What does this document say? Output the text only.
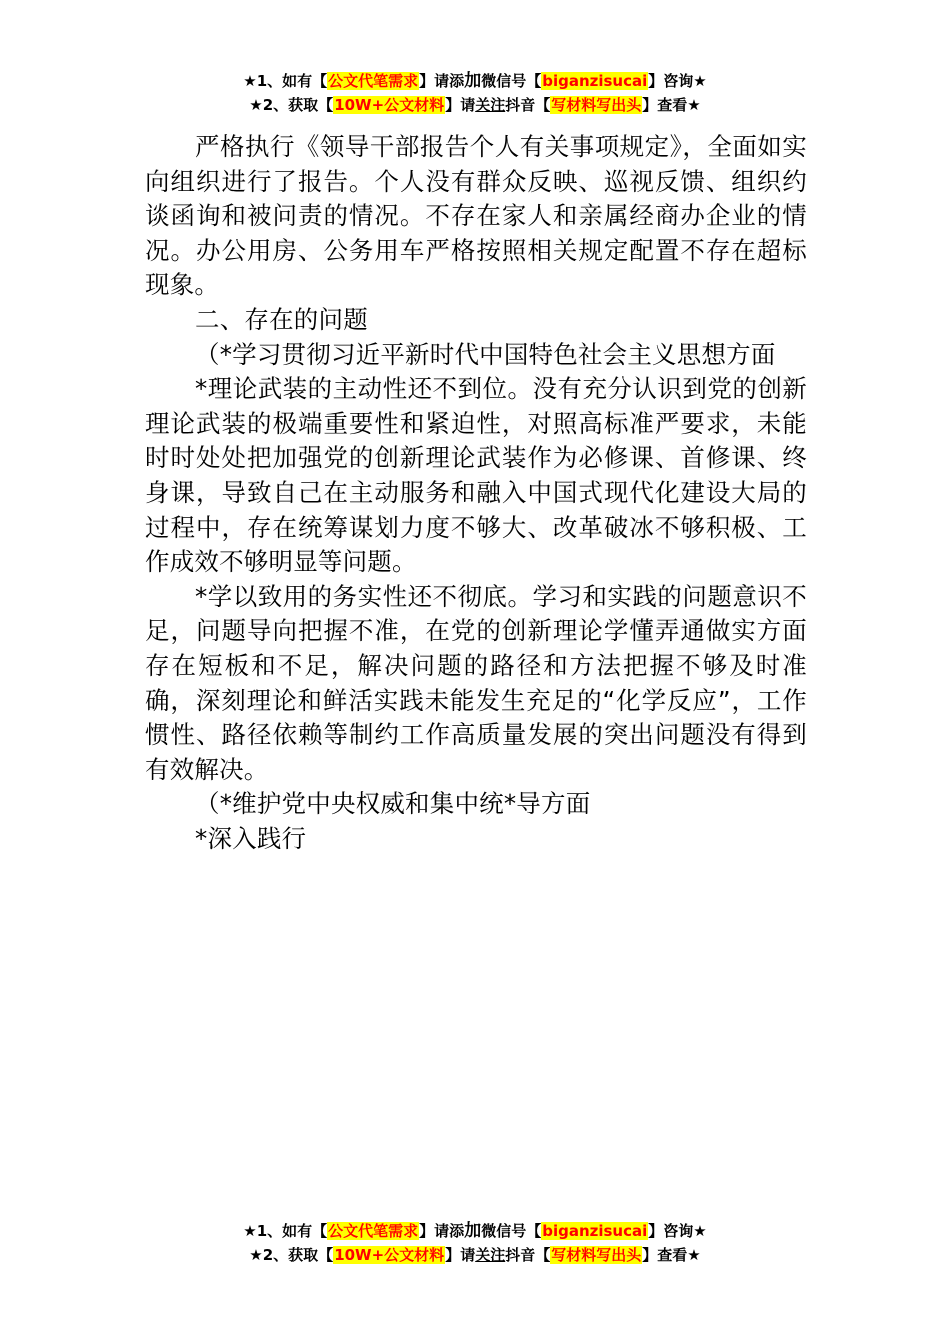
★1、如有【公文代笔需求】请添加微信号【biganzisucai】咨询★
★2、获取【10W+公文材料】请关注抖音【写材料写出头】查看★

严格执行《领导干部报告个人有关事项规定》，全面如实向组织进行了报告。个人没有群众反映、巡视反馈、组织约谈函询和被问责的情况。不存在家人和亲属经商办企业的情况。办公用房、公务用车严格按照相关规定配置不存在超标现象。

二、存在的问题

（*学习贯彻习近平新时代中国特色社会主义思想方面

*理论武装的主动性还不到位。没有充分认识到党的创新理论武装的极端重要性和紧迫性，对照高标准严要求，未能时时处处把加强党的创新理论武装作为必修课、首修课、终身课，导致自己在主动服务和融入中国式现代化建设大局的过程中，存在统筹谋划力度不够大、改革破冰不够积极、工作成效不够明显等问题。

*学以致用的务实性还不彻底。学习和实践的问题意识不足，问题导向把握不准，在党的创新理论学懂弄通做实方面存在短板和不足，解决问题的路径和方法把握不够及时准确，深刻理论和鲜活实践未能发生充足的“化学反应”，工作惯性、路径依赖等制约工作高质量发展的突出问题没有得到有效解决。

（*维护党中央权威和集中统*导方面

*深入践行

★1、如有【公文代笔需求】请添加微信号【biganzisucai】咨询★
★2、获取【10W+公文材料】请关注抖音【写材料写出头】查看★
